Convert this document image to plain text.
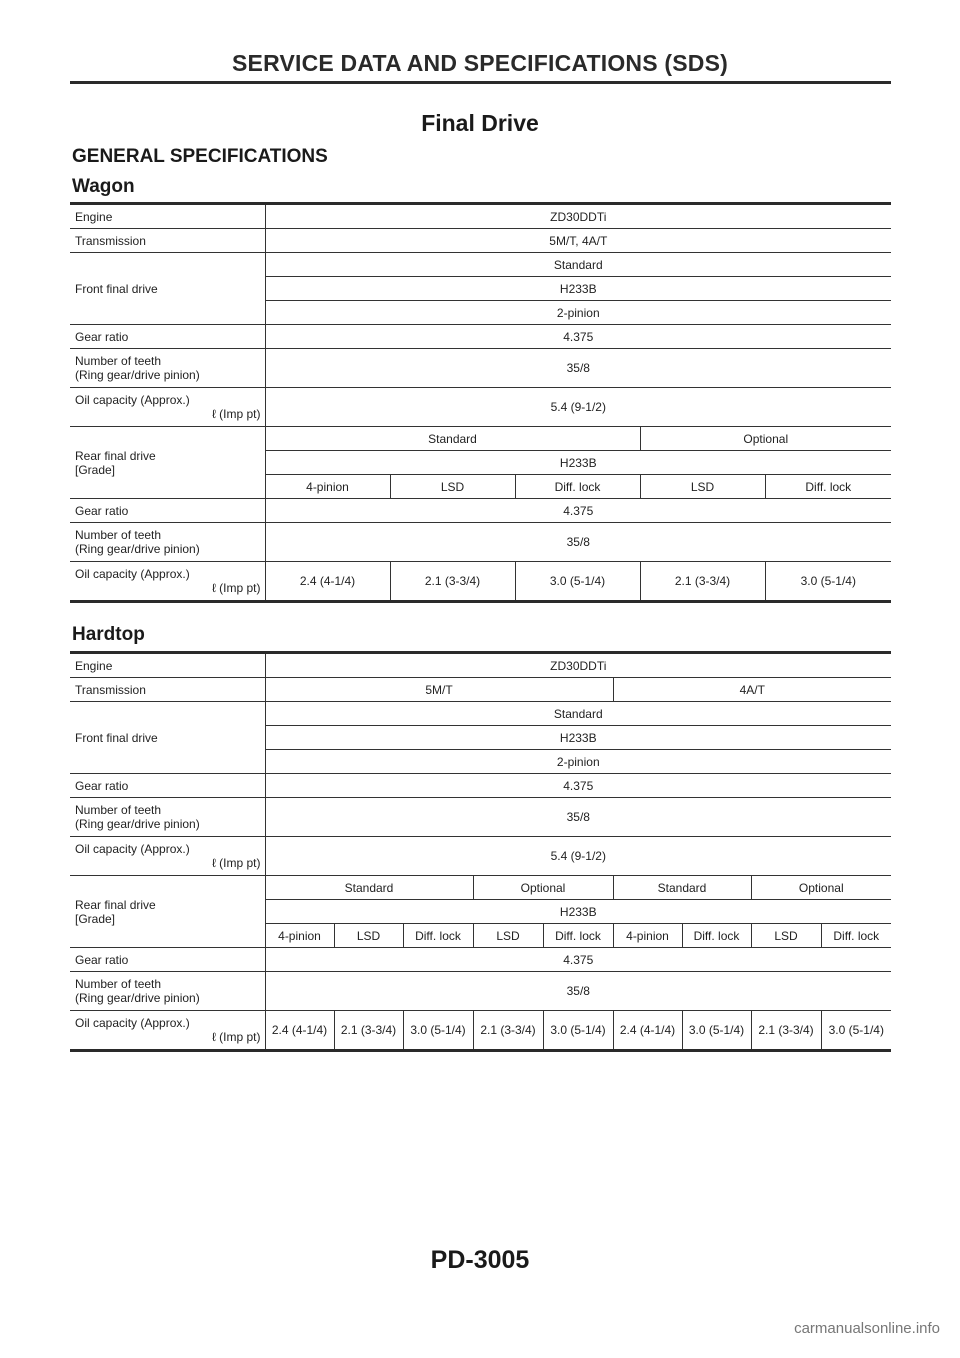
SERVICE DATA AND SPECIFICATIONS (SDS)
Final Drive
GENERAL SPECIFICATIONS
Wagon
Engine	ZD30DDTi				
Transmission	5M/T, 4A/T				
Front final drive	Standard				
	H233B				
	2-pinion				
Gear ratio	4.375				

Number of teeth
(Ring gear/drive pinion)	35/8				

Oil capacity (Approx.)
ℓ (Imp pt)	5.4 (9-1/2)				

Rear final drive
[Grade]	Standard			Optional	
	H233B				
	4-pinion	LSD	Diff. lock	LSD	Diff. lock
Gear ratio	4.375				

Number of teeth
(Ring gear/drive pinion)	35/8				

Oil capacity (Approx.)
ℓ (Imp pt)	2.4 (4-1/4)	2.1 (3-3/4)	3.0 (5-1/4)	2.1 (3-3/4)	3.0 (5-1/4)
Hardtop
Engine	ZD30DDTi								
Transmission	5M/T					4A/T			
Front final drive	Standard								
	H233B								
	2-pinion								
Gear ratio	4.375								

Number of teeth
(Ring gear/drive pinion)	35/8								

Oil capacity (Approx.)
ℓ (Imp pt)	5.4 (9-1/2)								

Rear final drive
[Grade]	Standard			Optional		Standard		Optional	
	H233B								
	4-pinion	LSD	Diff. lock	LSD	Diff. lock	4-pinion	Diff. lock	LSD	Diff. lock
Gear ratio	4.375								

Number of teeth
(Ring gear/drive pinion)	35/8								

Oil capacity (Approx.)
ℓ (Imp pt)	2.4 (4-1/4)	2.1 (3-3/4)	3.0 (5-1/4)	2.1 (3-3/4)	3.0 (5-1/4)	2.4 (4-1/4)	3.0 (5-1/4)	2.1 (3-3/4)	3.0 (5-1/4)
PD-3005
carmanualsonline.info
